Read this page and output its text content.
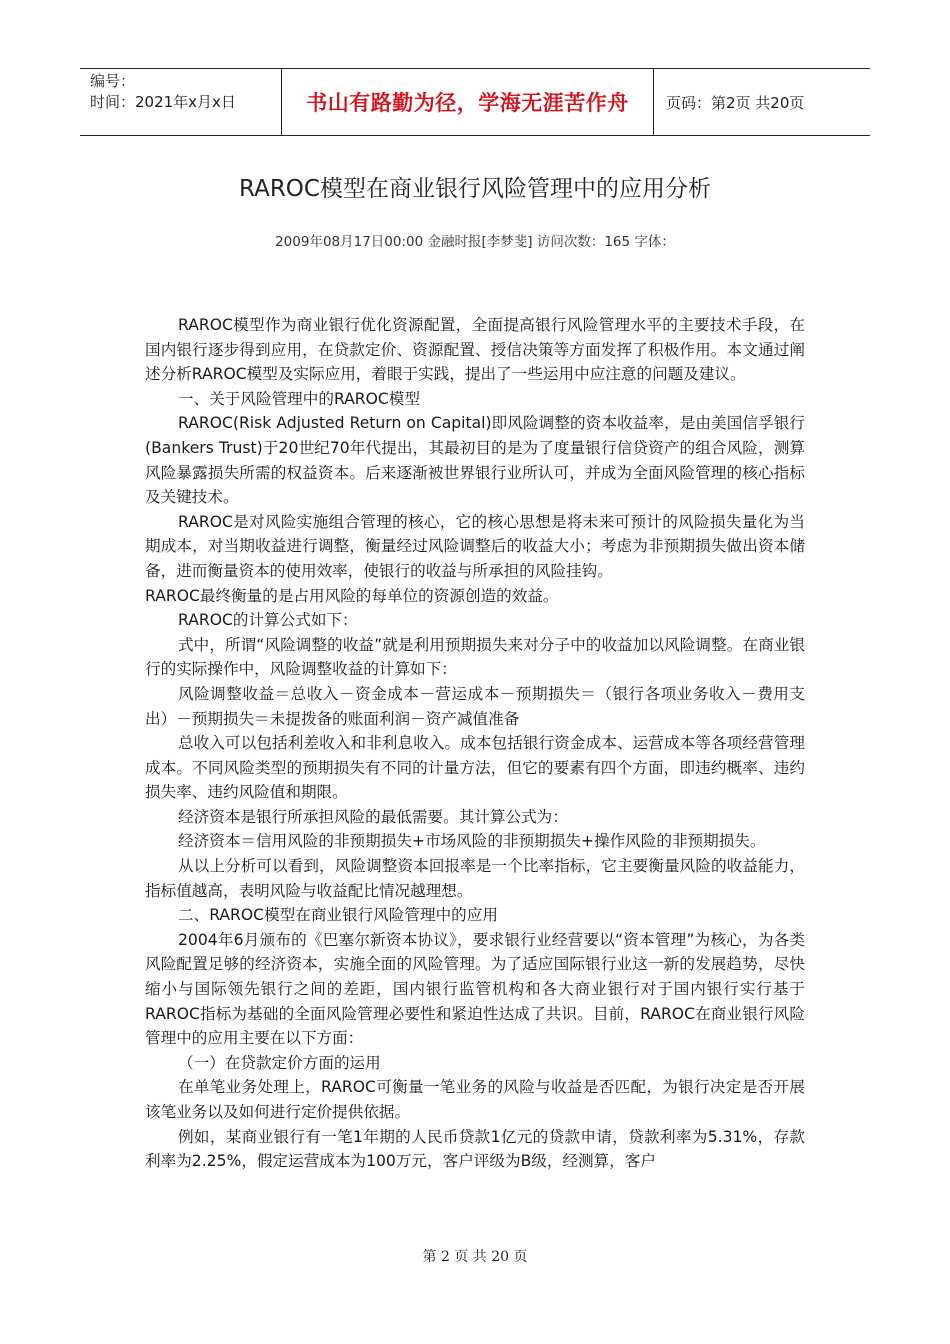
编号：
时间：2021年x月x日	书山有路勤为径，学海无涯苦作舟	页码：第2页 共20页
RAROC模型在商业银行风险管理中的应用分析
2009年08月17日00:00 金融时报[李梦斐] 访问次数：165 字体：

RAROC模型作为商业银行优化资源配置，全面提高银行风险管理水平的主要技术手段，在国内银行逐步得到应用，在贷款定价、资源配置、授信决策等方面发挥了积极作用。本文通过阐述分析RAROC模型及实际应用，着眼于实践，提出了一些运用中应注意的问题及建议。

一、关于风险管理中的RAROC模型

RAROC(Risk Adjusted Return on Capital)即风险调整的资本收益率，是由美国信孚银行(Bankers Trust)于20世纪70年代提出，其最初目的是为了度量银行信贷资产的组合风险，测算风险暴露损失所需的权益资本。后来逐渐被世界银行业所认可，并成为全面风险管理的核心指标及关键技术。

RAROC是对风险实施组合管理的核心，它的核心思想是将未来可预计的风险损失量化为当期成本，对当期收益进行调整，衡量经过风险调整后的收益大小；考虑为非预期损失做出资本储备，进而衡量资本的使用效率，使银行的收益与所承担的风险挂钩。

RAROC最终衡量的是占用风险的每单位的资源创造的效益。

RAROC的计算公式如下：

式中，所谓“风险调整的收益”就是利用预期损失来对分子中的收益加以风险调整。在商业银行的实际操作中，风险调整收益的计算如下：

风险调整收益＝总收入－资金成本－营运成本－预期损失＝（银行各项业务收入－费用支出）－预期损失＝未提拨备的账面利润－资产减值准备

总收入可以包括利差收入和非利息收入。成本包括银行资金成本、运营成本等各项经营管理成本。不同风险类型的预期损失有不同的计量方法，但它的要素有四个方面，即违约概率、违约损失率、违约风险值和期限。

经济资本是银行所承担风险的最低需要。其计算公式为：

经济资本＝信用风险的非预期损失+市场风险的非预期损失+操作风险的非预期损失。

从以上分析可以看到，风险调整资本回报率是一个比率指标，它主要衡量风险的收益能力，指标值越高，表明风险与收益配比情况越理想。

二、RAROC模型在商业银行风险管理中的应用

2004年6月颁布的《巴塞尔新资本协议》，要求银行业经营要以“资本管理”为核心，为各类风险配置足够的经济资本，实施全面的风险管理。为了适应国际银行业这一新的发展趋势，尽快缩小与国际领先银行之间的差距，国内银行监管机构和各大商业银行对于国内银行实行基于RAROC指标为基础的全面风险管理必要性和紧迫性达成了共识。目前，RAROC在商业银行风险管理中的应用主要在以下方面：

（一）在贷款定价方面的运用

在单笔业务处理上，RAROC可衡量一笔业务的风险与收益是否匹配，为银行决定是否开展该笔业务以及如何进行定价提供依据。

例如，某商业银行有一笔1年期的人民币贷款1亿元的贷款申请，贷款利率为5.31%，存款利率为2.25%，假定运营成本为100万元，客户评级为B级，经测算，客户

第 2 页 共 20 页
